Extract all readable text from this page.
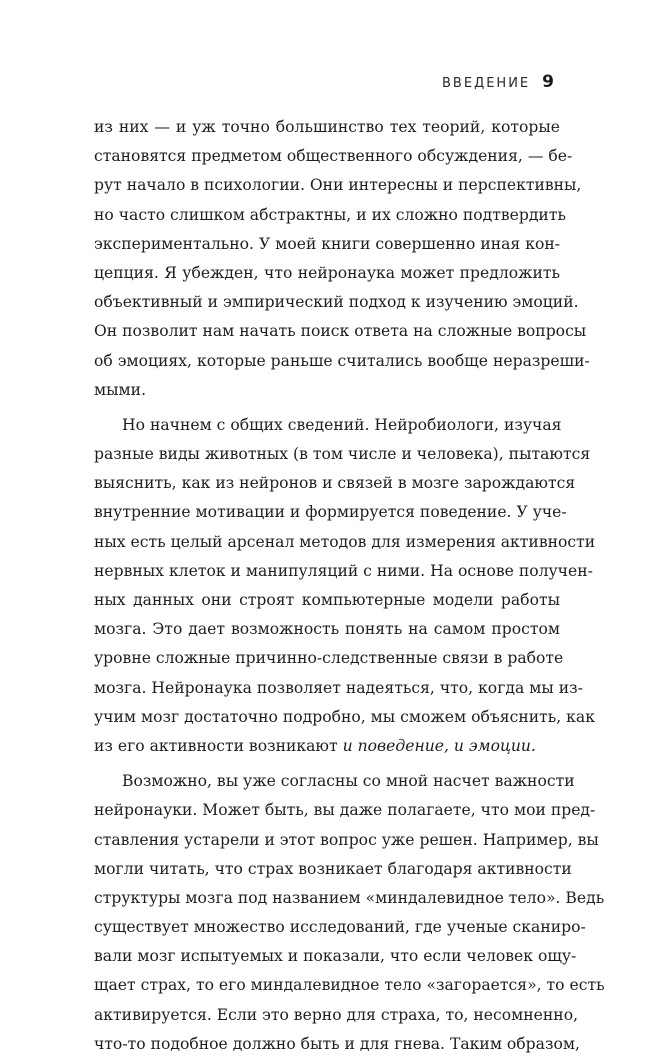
ВВЕДЕНИЕ 9
из них — и уж точно большинство тех теорий, которые
становятся предметом общественного обсуждения, — бе-
рут начало в психологии. Они интересны и перспективны,
но часто слишком абстрактны, и их сложно подтвердить
экспериментально. У моей книги совершенно иная кон-
цепция. Я убежден, что нейронаука может предложить
объективный и эмпирический подход к изучению эмоций.
Он позволит нам начать поиск ответа на сложные вопросы
об эмоциях, которые раньше считались вообще неразреши-
мыми.
Но начнем с общих сведений. Нейробиологи, изучая
разные виды животных (в том числе и человека), пытаются
выяснить, как из нейронов и связей в мозге зарождаются
внутренние мотивации и формируется поведение. У уче-
ных есть целый арсенал методов для измерения активности
нервных клеток и манипуляций с ними. На основе получен-
ных данных они строят компьютерные модели работы
мозга. Это дает возможность понять на самом простом
уровне сложные причинно-следственные связи в работе
мозга. Нейронаука позволяет надеяться, что, когда мы из-
учим мозг достаточно подробно, мы сможем объяснить, как
из его активности возникают и поведение, и эмоции.
Возможно, вы уже согласны со мной насчет важности
нейронауки. Может быть, вы даже полагаете, что мои пред-
ставления устарели и этот вопрос уже решен. Например, вы
могли читать, что страх возникает благодаря активности
структуры мозга под названием «миндалевидное тело». Ведь
существует множество исследований, где ученые сканиро-
вали мозг испытуемых и показали, что если человек ощу-
щает страх, то его миндалевидное тело «загорается», то есть
активируется. Если это верно для страха, то, несомненно,
что-то подобное должно быть и для гнева. Таким образом,
